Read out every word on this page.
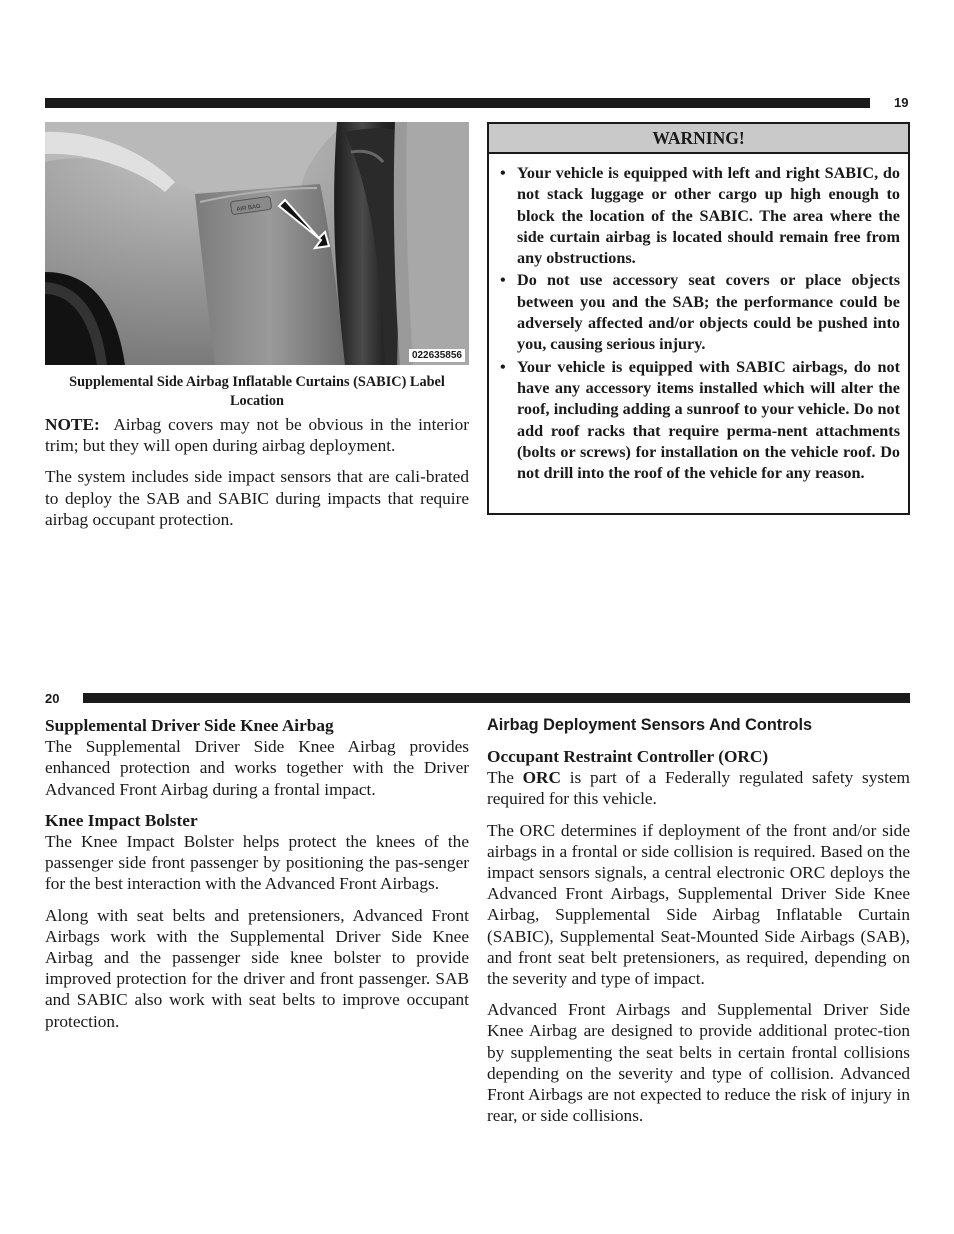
19
AIR BAG
022635856
Supplemental Side Airbag Inflatable Curtains (SABIC) Label Location

NOTE: Airbag covers may not be obvious in the interior trim; but they will open during airbag deployment.

The system includes side impact sensors that are cali-brated to deploy the SAB and SABIC during impacts that require airbag occupant protection.

WARNING!
• Your vehicle is equipped with left and right SABIC, do not stack luggage or other cargo up high enough to block the location of the SABIC. The area where the side curtain airbag is located should remain free from any obstructions.
• Do not use accessory seat covers or place objects between you and the SAB; the performance could be adversely affected and/or objects could be pushed into you, causing serious injury.
• Your vehicle is equipped with SABIC airbags, do not have any accessory items installed which will alter the roof, including adding a sunroof to your vehicle. Do not add roof racks that require perma-nent attachments (bolts or screws) for installation on the vehicle roof. Do not drill into the roof of the vehicle for any reason.
20
Supplemental Driver Side Knee Airbag

The Supplemental Driver Side Knee Airbag provides enhanced protection and works together with the Driver Advanced Front Airbag during a frontal impact.

Knee Impact Bolster

The Knee Impact Bolster helps protect the knees of the passenger side front passenger by positioning the pas-senger for the best interaction with the Advanced Front Airbags.

Along with seat belts and pretensioners, Advanced Front Airbags work with the Supplemental Driver Side Knee Airbag and the passenger side knee bolster to provide improved protection for the driver and front passenger. SAB and SABIC also work with seat belts to improve occupant protection.

Airbag Deployment Sensors And Controls
Occupant Restraint Controller (ORC)

The ORC is part of a Federally regulated safety system required for this vehicle.

The ORC determines if deployment of the front and/or side airbags in a frontal or side collision is required. Based on the impact sensors signals, a central electronic ORC deploys the Advanced Front Airbags, Supplemental Driver Side Knee Airbag, Supplemental Side Airbag Inflatable Curtain (SABIC), Supplemental Seat-Mounted Side Airbags (SAB), and front seat belt pretensioners, as required, depending on the severity and type of impact.

Advanced Front Airbags and Supplemental Driver Side Knee Airbag are designed to provide additional protec-tion by supplementing the seat belts in certain frontal collisions depending on the severity and type of collision. Advanced Front Airbags are not expected to reduce the risk of injury in rear, or side collisions.
